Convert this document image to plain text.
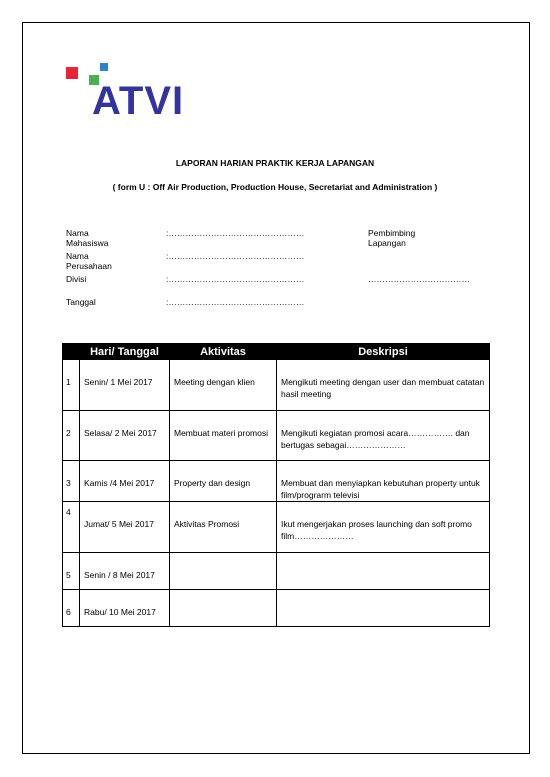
ATVI
LAPORAN HARIAN PRAKTIK KERJA LAPANGAN
( form U : Off Air Production, Production House, Secretariat and Administration )
Nama Mahasiswa
:…………………………………………	Pembimbing Lapangan
Nama Perusahaan
:…………………………………………
Divisi	:…………………………………………	………………………………
Tanggal	:…………………………………………
	Hari/ Tanggal	Aktivitas	Deskripsi
1	Senin/ 1 Mei 2017	Meeting dengan klien	Mengikuti meeting dengan user dan membuat catatan hasil meeting
2	Selasa/ 2 Mei 2017	Membuat materi promosi	Mengikuti kegiatan promosi acara……………. dan bertugas sebagai…………………
3	Kamis /4 Mei 2017	Property dan design	Membuat dan menyiapkan kebutuhan property untuk film/prograrm televisi
4	Jumat/ 5 Mei 2017	Aktivitas Promosi	Ikut mengerjakan proses launching dan soft promo film…………………
5	Senin / 8 Mei 2017		
6	Rabu/ 10 Mei 2017		
